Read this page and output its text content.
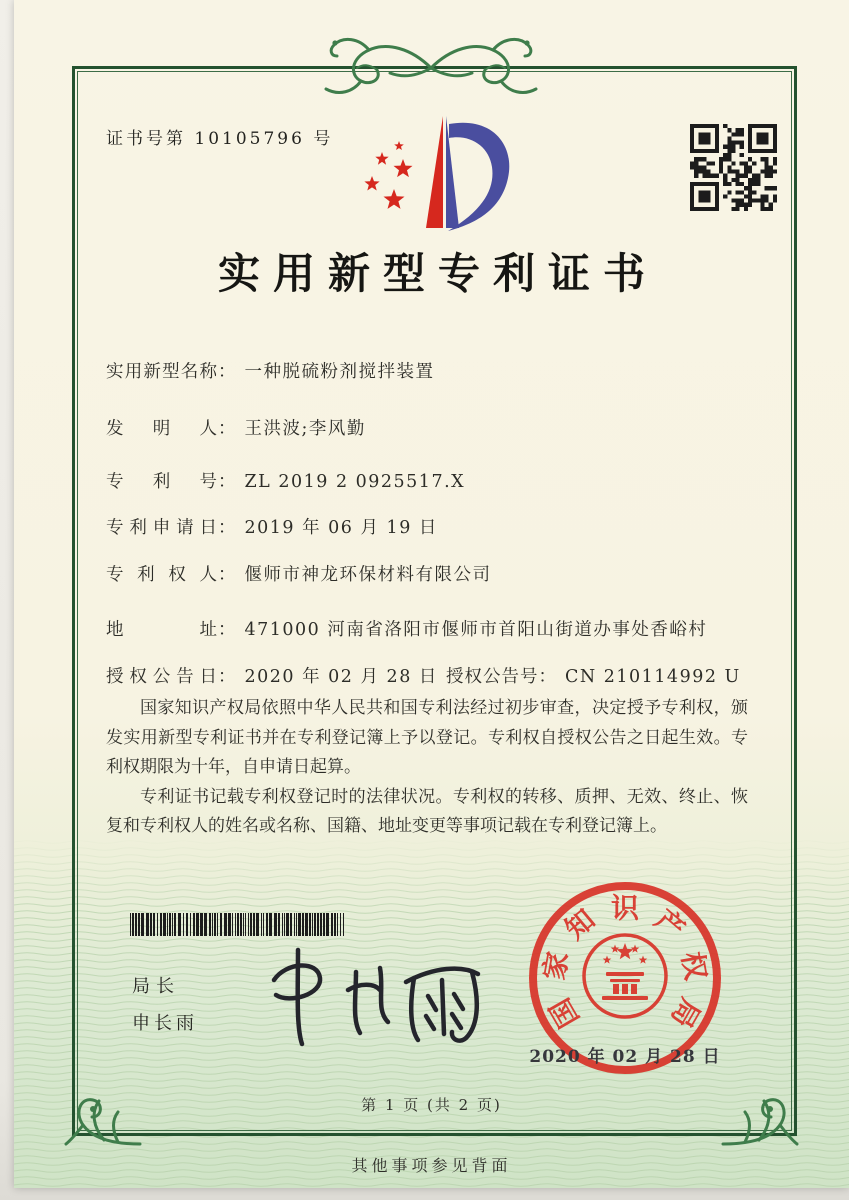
证书号第 10105796 号
实用新型专利证书
实用新型名称： 一种脱硫粉剂搅拌装置
发明人： 王洪波;李风勤
专利号： ZL 2019 2 0925517.X
专利申请日： 2019 年 06 月 19 日
专利权人： 偃师市神龙环保材料有限公司
地址： 471000 河南省洛阳市偃师市首阳山街道办事处香峪村
授权公告日： 2020 年 02 月 28 日 授权公告号： CN 210114992 U

国家知识产权局依照中华人民共和国专利法经过初步审查，决定授予专利权，颁发实用新型专利证书并在专利登记簿上予以登记。专利权自授权公告之日起生效。专利权期限为十年，自申请日起算。

专利证书记载专利权登记时的法律状况。专利权的转移、质押、无效、终止、恢复和专利权人的姓名或名称、国籍、地址变更等事项记载在专利登记簿上。

局长
申长雨	国
家
知 识 产
权
局
2020 年 02 月 28 日
第 1 页 (共 2 页)
其他事项参见背面
